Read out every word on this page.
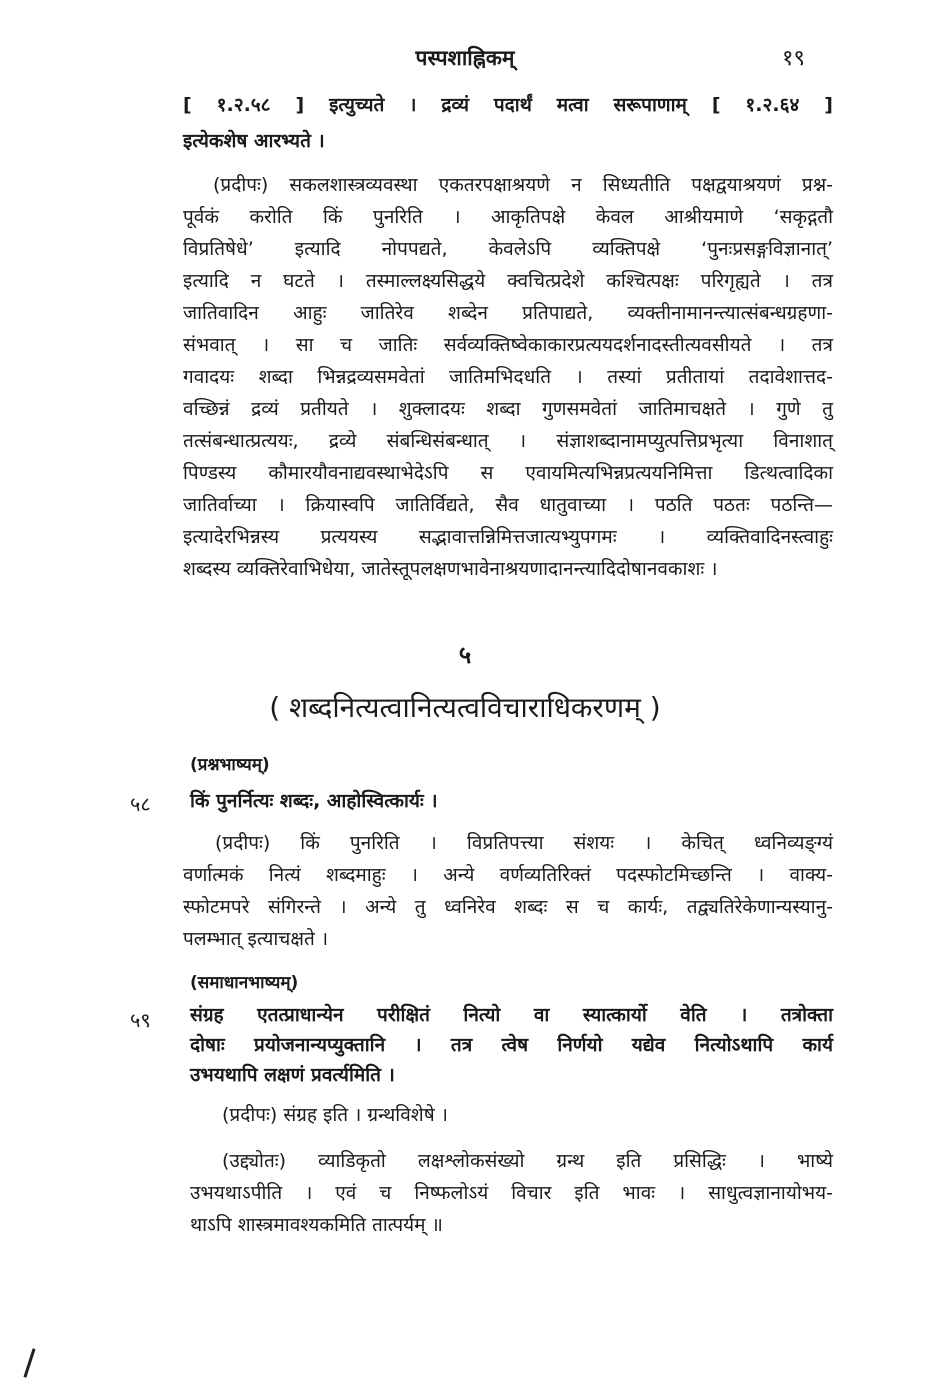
पस्पशाह्निकम्	१९
[ १.२.५८ ] इत्युच्यते । द्रव्यं पदार्थं मत्वा सरूपाणाम् [ १.२.६४ ]
इत्येकशेष आरभ्यते ।
(प्रदीपः) सकलशास्त्रव्यवस्था एकतरपक्षाश्रयणे न सिध्यतीति पक्षद्वयाश्रयणं प्रश्न-
पूर्वकं करोति किं पुनरिति । आकृतिपक्षे केवल आश्रीयमाणे ‘सकृद्गतौ
विप्रतिषेधे’ इत्यादि नोपपद्यते, केवलेऽपि व्यक्तिपक्षे ‘पुनःप्रसङ्गविज्ञानात्’
इत्यादि न घटते । तस्माल्लक्ष्यसिद्धये क्वचित्प्रदेशे कश्चित्पक्षः परिगृह्यते । तत्र
जातिवादिन आहुः जातिरेव शब्देन प्रतिपाद्यते, व्यक्तीनामानन्त्यात्संबन्धग्रहणा-
संभवात् । सा च जातिः सर्वव्यक्तिष्वेकाकारप्रत्ययदर्शनादस्तीत्यवसीयते । तत्र
गवादयः शब्दा भिन्नद्रव्यसमवेतां जातिमभिदधति । तस्यां प्रतीतायां तदावेशात्तद-
वच्छिन्नं द्रव्यं प्रतीयते । शुक्लादयः शब्दा गुणसमवेतां जातिमाचक्षते । गुणे तु
तत्संबन्धात्प्रत्ययः, द्रव्ये संबन्धिसंबन्धात् । संज्ञाशब्दानामप्युत्पत्तिप्रभृत्या विनाशात्
पिण्डस्य कौमारयौवनाद्यवस्थाभेदेऽपि स एवायमित्यभिन्नप्रत्ययनिमित्ता डित्थत्वादिका
जातिर्वाच्या । क्रियास्वपि जातिर्विद्यते, सैव धातुवाच्या । पठति पठतः पठन्ति—
इत्यादेरभिन्नस्य प्रत्ययस्य सद्भावात्तन्निमित्तजात्यभ्युपगमः । व्यक्तिवादिनस्त्वाहुः
शब्दस्य व्यक्तिरेवाभिधेया, जातेस्तूपलक्षणभावेनाश्रयणादानन्त्यादिदोषानवकाशः ।
५
( शब्दनित्यत्वानित्यत्वविचाराधिकरणम् )
(प्रश्नभाष्यम्)
५८ किं पुनर्नित्यः शब्दः, आहोस्वित्कार्यः ।
(प्रदीपः) किं पुनरिति । विप्रतिपत्त्या संशयः । केचित् ध्वनिव्यङ्ग्यं
वर्णात्मकं नित्यं शब्दमाहुः । अन्ये वर्णव्यतिरिक्तं पदस्फोटमिच्छन्ति । वाक्य-
स्फोटमपरे संगिरन्ते । अन्ये तु ध्वनिरेव शब्दः स च कार्यः, तद्व्यतिरेकेणान्यस्यानु-
पलम्भात् इत्याचक्षते ।
(समाधानभाष्यम्)
५९ संग्रह एतत्प्राधान्येन परीक्षितं नित्यो वा स्यात्कार्यो वेति । तत्रोक्ता
दोषाः प्रयोजनान्यप्युक्तानि । तत्र त्वेष निर्णयो यद्येव नित्योऽथापि कार्य
उभयथापि लक्षणं प्रवर्त्यमिति ।
(प्रदीपः) संग्रह इति । ग्रन्थविशेषे ।
(उद्द्योतः) व्याडिकृतो लक्षश्लोकसंख्यो ग्रन्थ इति प्रसिद्धिः । भाष्ये
उभयथाऽपीति । एवं च निष्फलोऽयं विचार इति भावः । साधुत्वज्ञानायोभय-
थाऽपि शास्त्रमावश्यकमिति तात्पर्यम् ॥
